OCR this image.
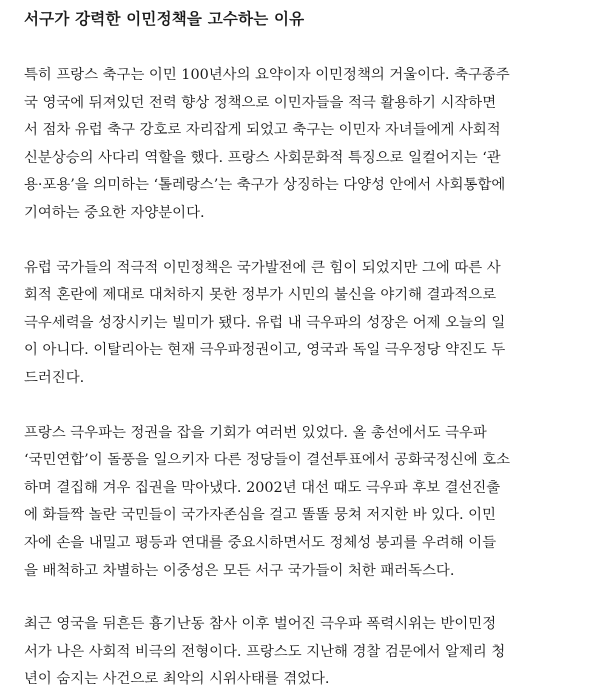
서구가 강력한 이민정책을 고수하는 이유

특히 프랑스 축구는 이민 100년사의 요약이자 이민정책의 거울이다. 축구종주
국 영국에 뒤져있던 전력 향상 정책으로 이민자들을 적극 활용하기 시작하면
서 점차 유럽 축구 강호로 자리잡게 되었고 축구는 이민자 자녀들에게 사회적
신분상승의 사다리 역할을 했다. 프랑스 사회문화적 특징으로 일컬어지는 ‘관
용·포용’을 의미하는 ‘톨레랑스’는 축구가 상징하는 다양성 안에서 사회통합에
기여하는 중요한 자양분이다.

유럽 국가들의 적극적 이민정책은 국가발전에 큰 힘이 되었지만 그에 따른 사
회적 혼란에 제대로 대처하지 못한 정부가 시민의 불신을 야기해 결과적으로
극우세력을 성장시키는 빌미가 됐다. 유럽 내 극우파의 성장은 어제 오늘의 일
이 아니다. 이탈리아는 현재 극우파정권이고, 영국과 독일 극우정당 약진도 두
드러진다.

프랑스 극우파는 정권을 잡을 기회가 여러번 있었다. 올 총선에서도 극우파
‘국민연합’이 돌풍을 일으키자 다른 정당들이 결선투표에서 공화국정신에 호소
하며 결집해 겨우 집권을 막아냈다. 2002년 대선 때도 극우파 후보 결선진출
에 화들짝 놀란 국민들이 국가자존심을 걸고 똘똘 뭉쳐 저지한 바 있다. 이민
자에 손을 내밀고 평등과 연대를 중요시하면서도 정체성 붕괴를 우려해 이들
을 배척하고 차별하는 이중성은 모든 서구 국가들이 처한 패러독스다.

최근 영국을 뒤흔든 흉기난동 참사 이후 벌어진 극우파 폭력시위는 반이민정
서가 나은 사회적 비극의 전형이다. 프랑스도 지난해 경찰 검문에서 알제리 청
년이 숨지는 사건으로 최악의 시위사태를 겪었다.
